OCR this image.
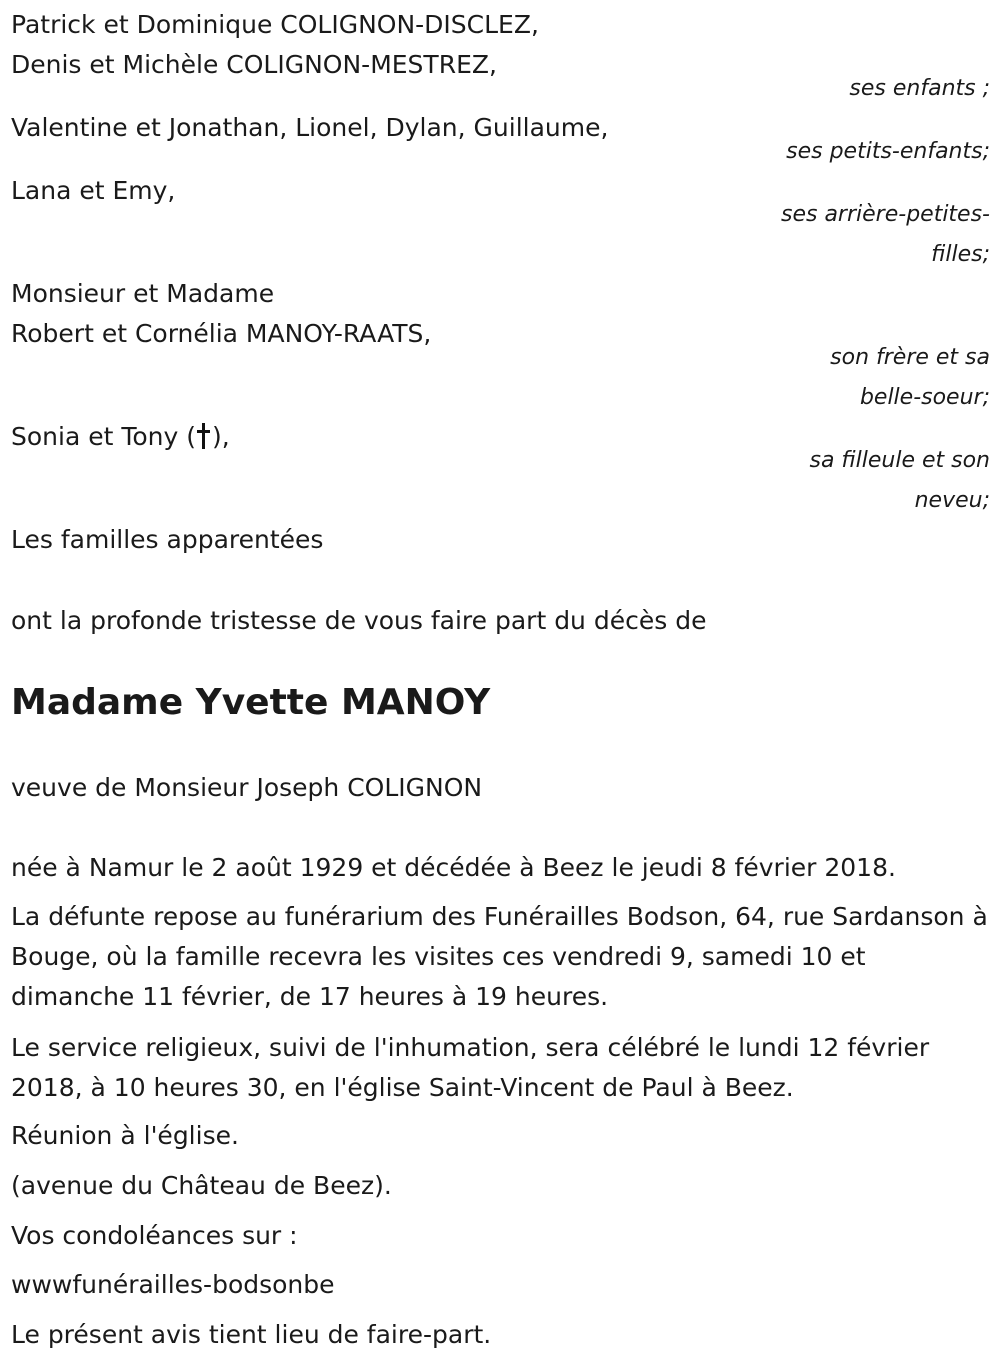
Patrick et Dominique COLIGNON-DISCLEZ,

Denis et Michèle COLIGNON-MESTREZ,

ses enfants ;

Valentine et Jonathan, Lionel, Dylan, Guillaume,

ses petits-enfants;

Lana et Emy,

ses arrière-petites-

filles;

Monsieur et Madame

Robert et Cornélia MANOY-RAATS,

son frère et sa

belle-soeur;

Sonia et Tony ( ),

sa filleule et son

neveu;

Les familles apparentées

ont la profonde tristesse de vous faire part du décès de

Madame Yvette MANOY

veuve de Monsieur Joseph COLIGNON

née à Namur le 2 août 1929 et décédée à Beez le jeudi 8 février 2018.

La défunte repose au funérarium des Funérailles Bodson, 64, rue Sardanson à Bouge, où la famille recevra les visites ces vendredi 9, samedi 10 et dimanche 11 février, de 17 heures à 19 heures.

Le service religieux, suivi de l'inhumation, sera célébré le lundi 12 février 2018, à 10 heures 30, en l'église Saint-Vincent de Paul à Beez.

Réunion à l'église.

(avenue du Château de Beez).

Vos condoléances sur :

wwwfunérailles-bodsonbe

Le présent avis tient lieu de faire-part.
